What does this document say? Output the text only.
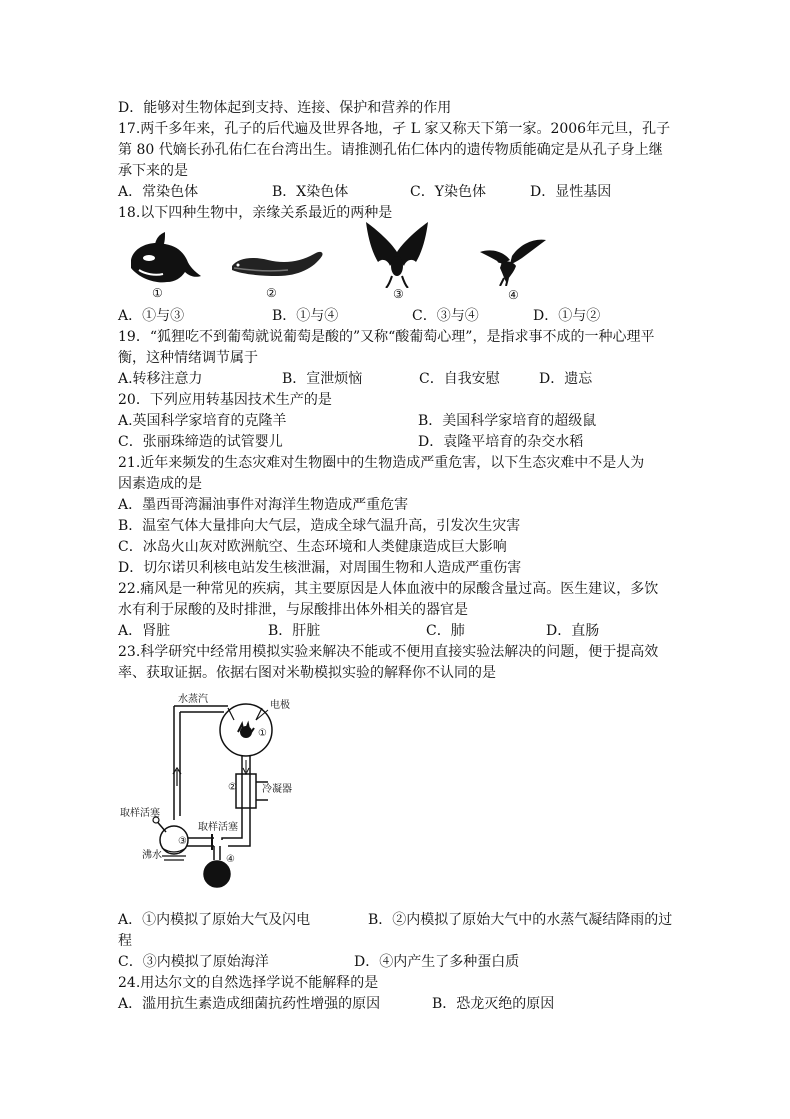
D．能够对生物体起到支持、连接、保护和营养的作用
17.两千多年来，孔子的后代遍及世界各地，孑 L 家又称天下第一家。2006年元旦，孔子
第 80 代嫡长孙孔佑仁在台湾出生。请推测孔佑仁体内的遗传物质能确定是从孔子身上继
承下来的是
A．常染色体	B．X染色体	C．Y染色体	D．显性基因
18.以下四种生物中，亲缘关系最近的两种是
①	②	③	④
A．①与③	B．①与④	C．③与④	D．①与②
19．“狐狸吃不到葡萄就说葡萄是酸的”又称“酸葡萄心理”，是指求事不成的一种心理平
衡，这种情绪调节属于
A.转移注意力	B．宣泄烦恼	C．自我安慰	D．遗忘
20．下列应用转基因技术生产的是
A.英国科学家培育的克隆羊	B．美国科学家培育的超级鼠
C．张丽珠缔造的试管婴儿	D．袁隆平培育的杂交水稻
21.近年来频发的生态灾难对生物圈中的生物造成严重危害，以下生态灾难中不是人为
因素造成的是
A．墨西哥湾漏油事件对海洋生物造成严重危害
B．温室气体大量排向大气层，造成全球气温升高，引发次生灾害
C．冰岛火山灰对欧洲航空、生态环境和人类健康造成巨大影响
D．切尔诺贝利核电站发生核泄漏，对周围生物和人造成严重伤害
22.痛风是一种常见的疾病，其主要原因是人体血液中的尿酸含量过高。医生建议，多饮
水有利于尿酸的及时排泄，与尿酸排出体外相关的器官是
A．肾脏	B．肝脏	C．肺	D．直肠
23.科学研究中经常用模拟实验来解决不能或不便用直接实验法解决的问题，便于提高效
率、获取证据。依据右图对米勒模拟实验的解释你不认同的是
水蒸汽
电极
①
②	冷凝器
取样活塞
取样活塞
③
沸水	④
A．①内模拟了原始大气及闪电	B．②内模拟了原始大气中的水蒸气凝结降雨的过
程
C．③内模拟了原始海洋	D．④内产生了多种蛋白质
24.用达尔文的自然选择学说不能解释的是
A．滥用抗生素造成细菌抗药性增强的原因	B．恐龙灭绝的原因
